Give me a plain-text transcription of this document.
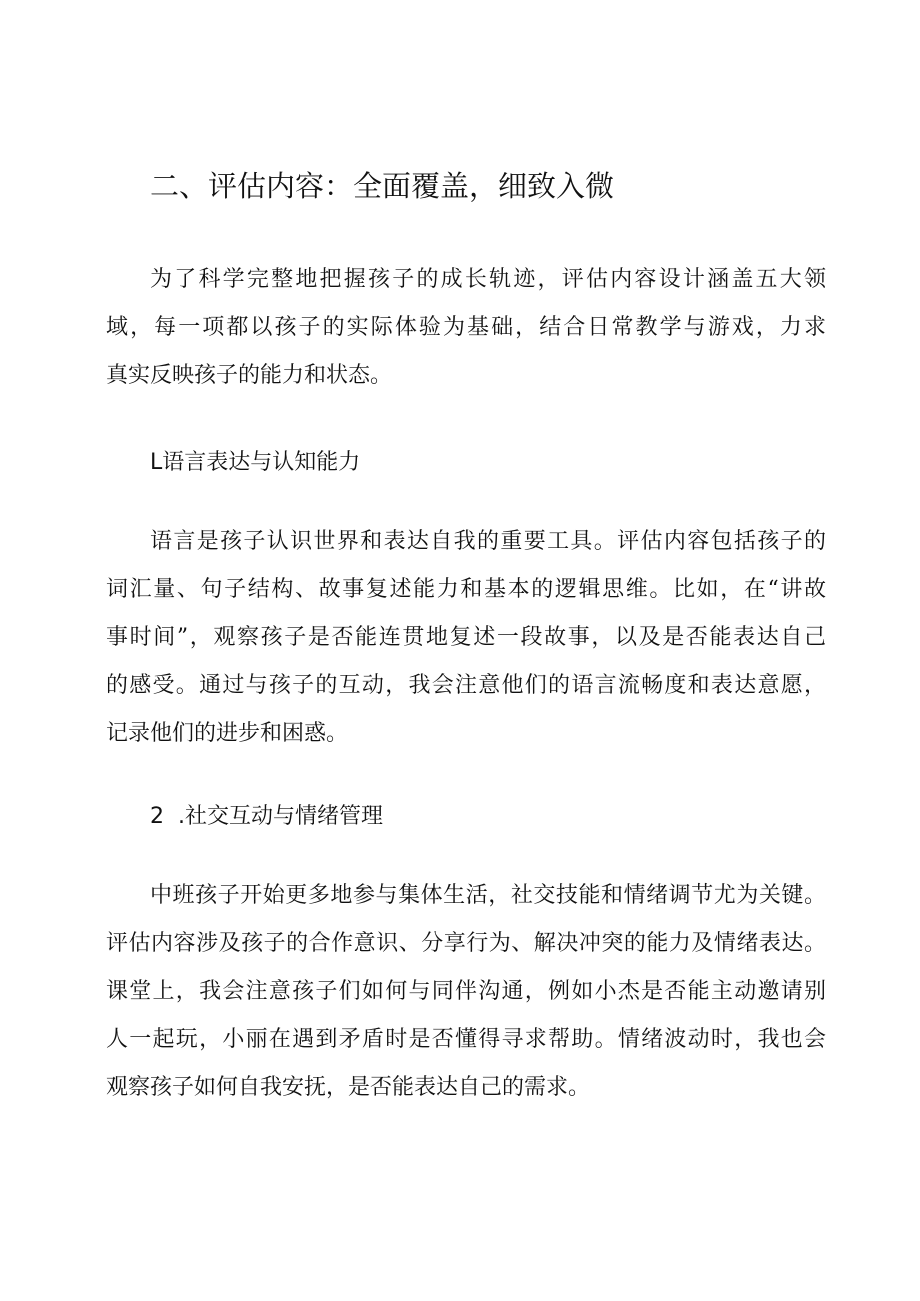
二、评估内容：全面覆盖，细致入微
为了科学完整地把握孩子的成长轨迹，评估内容设计涵盖五大领
域，每一项都以孩子的实际体验为基础，结合日常教学与游戏，力求
真实反映孩子的能力和状态。
L语言表达与认知能力
语言是孩子认识世界和表达自我的重要工具。评估内容包括孩子的
词汇量、句子结构、故事复述能力和基本的逻辑思维。比如，在“讲故
事时间”，观察孩子是否能连贯地复述一段故事，以及是否能表达自己
的感受。通过与孩子的互动，我会注意他们的语言流畅度和表达意愿，
记录他们的进步和困惑。
2  .社交互动与情绪管理
中班孩子开始更多地参与集体生活，社交技能和情绪调节尤为关键。
评估内容涉及孩子的合作意识、分享行为、解决冲突的能力及情绪表达。
课堂上，我会注意孩子们如何与同伴沟通，例如小杰是否能主动邀请别
人一起玩，小丽在遇到矛盾时是否懂得寻求帮助。情绪波动时，我也会
观察孩子如何自我安抚，是否能表达自己的需求。
